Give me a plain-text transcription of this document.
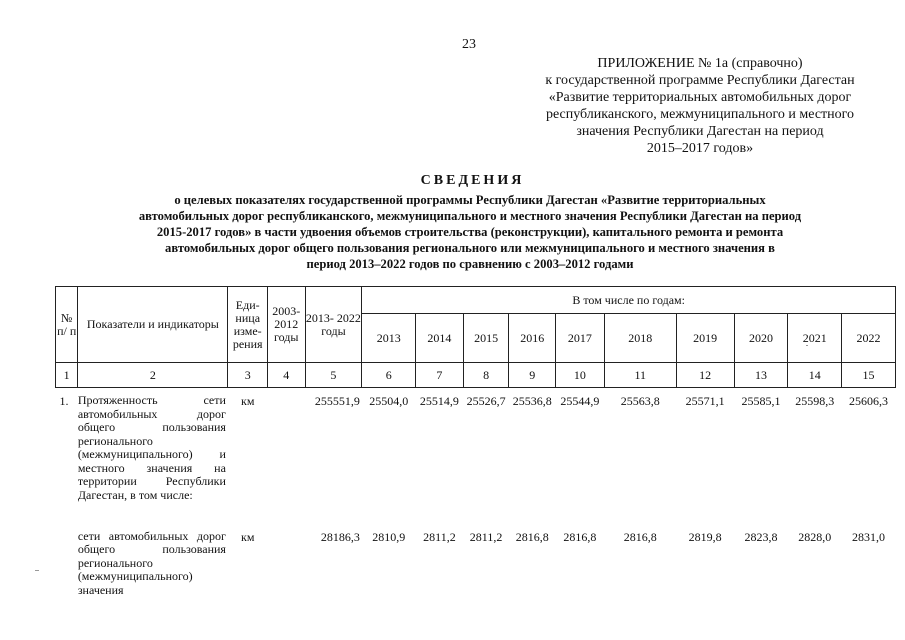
23
ПРИЛОЖЕНИЕ № 1а (справочно)
к государственной программе Республики Дагестан
«Развитие территориальных автомобильных дорог
республиканского, межмуниципального и местного
значения Республики Дагестан на период
2015–2017 годов»
СВЕДЕНИЯ
о целевых показателях государственной программы Республики Дагестан «Развитие территориальных
автомобильных дорог республиканского, межмуниципального и местного значения Республики Дагестан на период
2015-2017 годов» в части удвоения объемов строительства (реконструкции), капитального ремонта и ремонта
автомобильных дорог общего пользования регионального или межмуниципального и местного значения в
период 2013–2022 годов по сравнению с 2003–2012 годами
№ п/ п	Показатели и индикаторы	Еди- ница изме- рения	2003- 2012 годы	2013- 2022 годы	В том числе по годам:									
					2013	2014	2015	2016	2017	2018	2019	2020	2021	2022
1	2	3	4	5	6	7	8	9	10	11	12	13	14	15
1.	Протяженность сети автомобильных дорог общего пользования регионального (межмуниципального) и местного значения на территории Республики Дагестан, в том числе:	км		255551,9	25504,0	25514,9	25526,7	25536,8	25544,9	25563,8	25571,1	25585,1	25598,3	25606,3
	сети автомобильных дорог общего пользования регионального (межмуниципального) значения	км		28186,3	2810,9	2811,2	2811,2	2816,8	2816,8	2816,8	2819,8	2823,8	2828,0	2831,0
